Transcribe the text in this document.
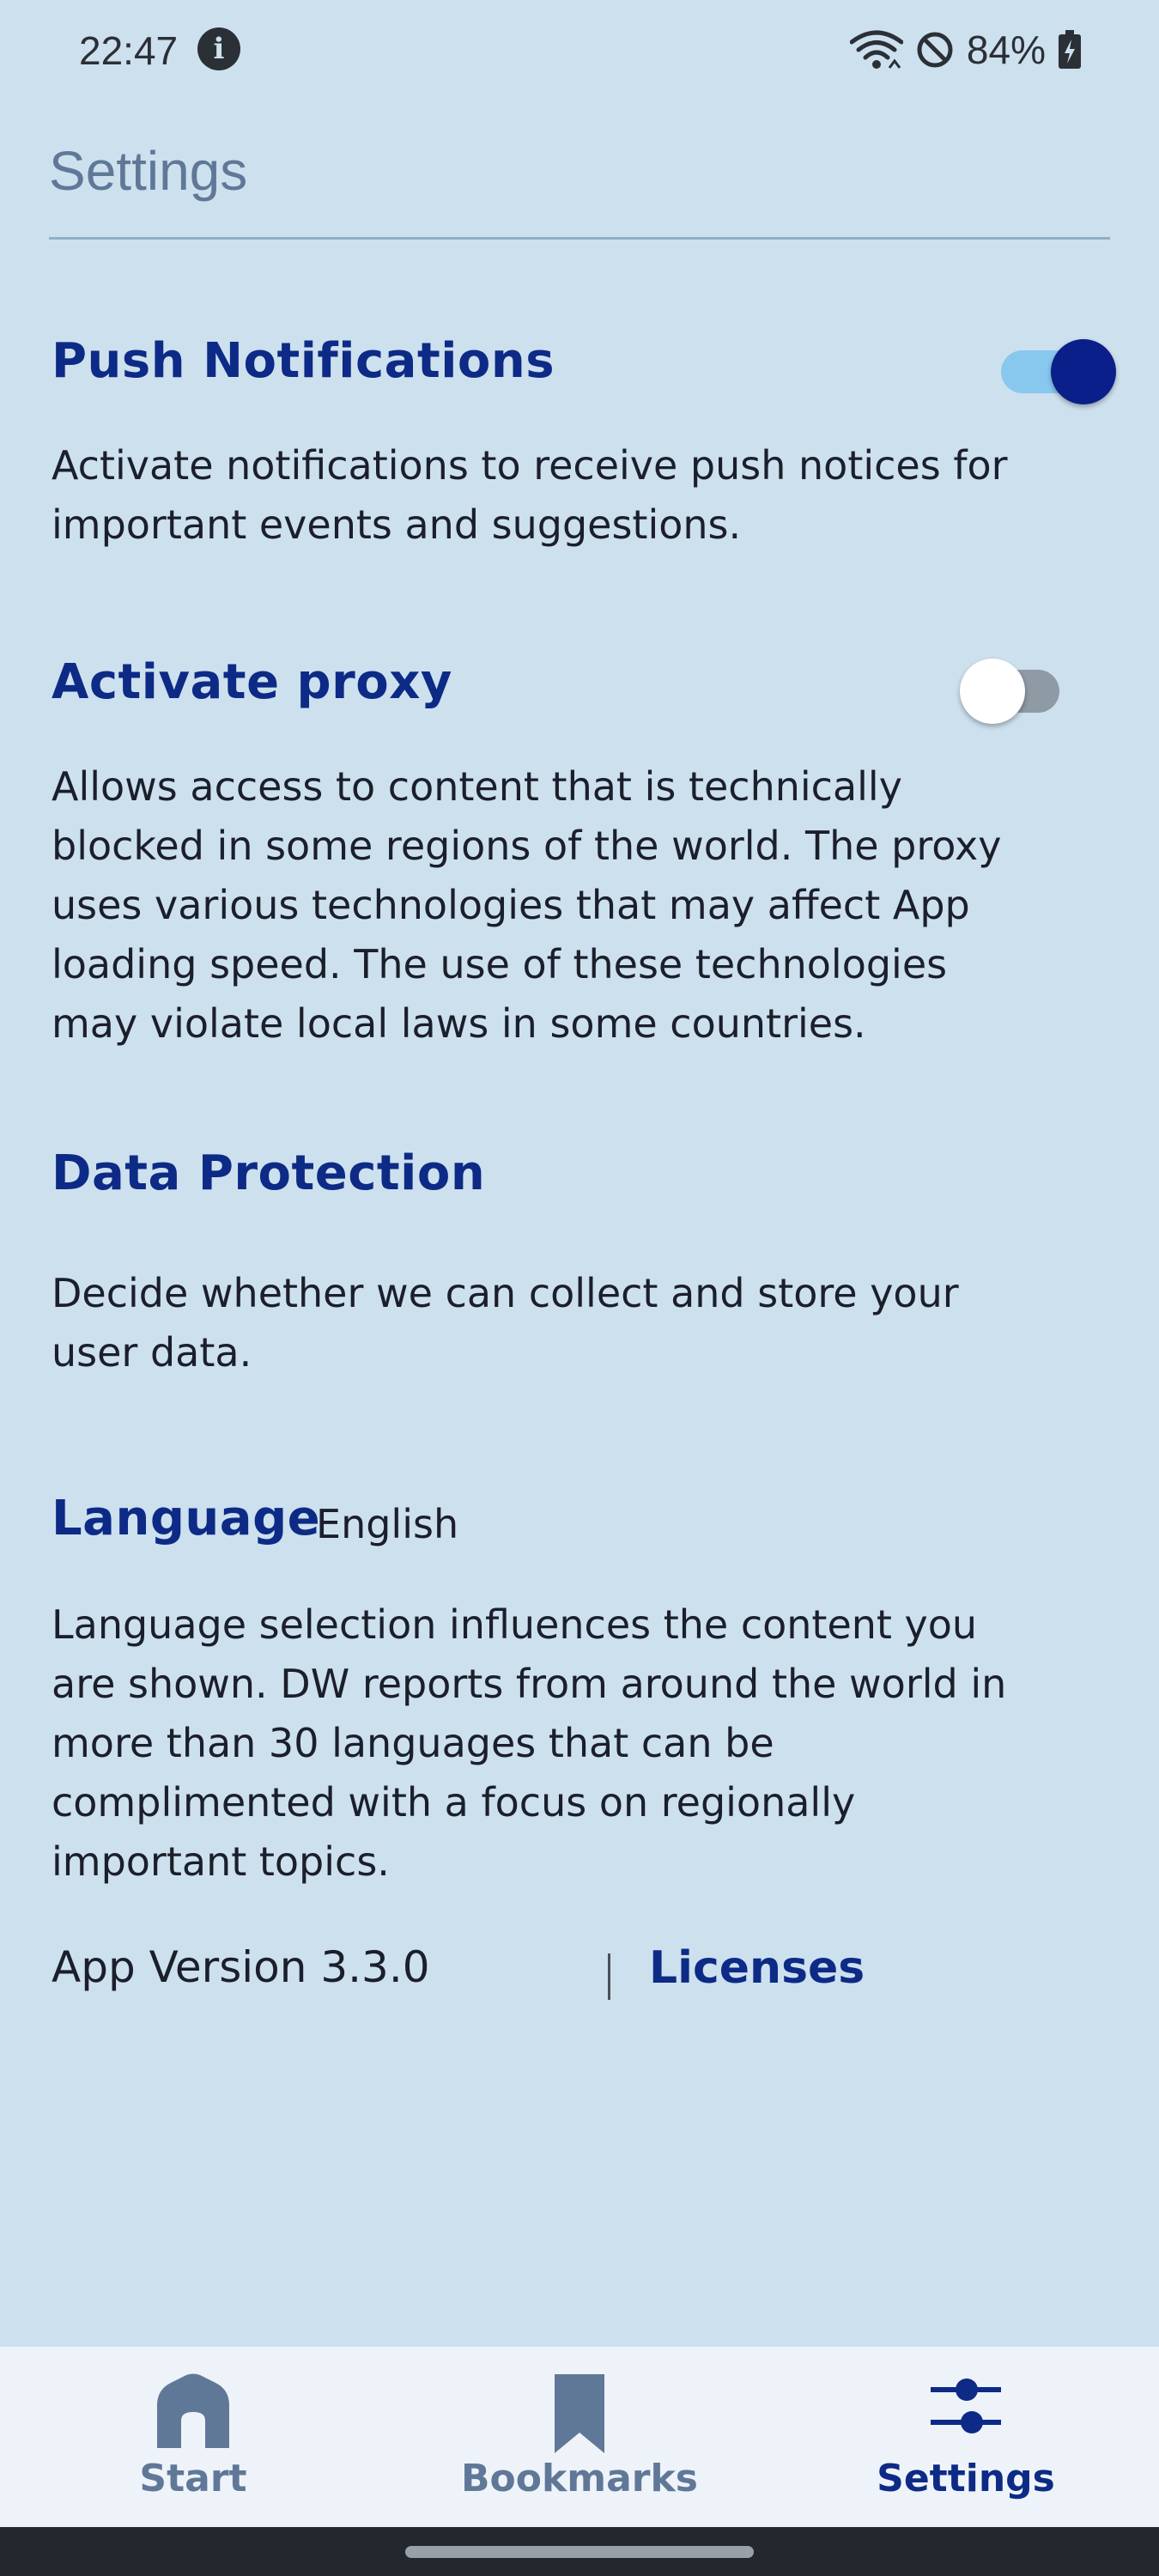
22:47	i	84%
Settings
Push Notifications
Activate notifications to receive push notices for important events and suggestions.
Activate proxy
Allows access to content that is technically blocked in some regions of the world. The proxy uses various technologies that may affect App loading speed. The use of these technologies may violate local laws in some countries.
Data Protection
Decide whether we can collect and store your user data.
Language
English
Language selection influences the content you are shown. DW reports from around the world in more than 30 languages that can be complimented with a focus on regionally important topics.
App Version 3.3.0	Licenses
Start	Bookmarks	Settings
